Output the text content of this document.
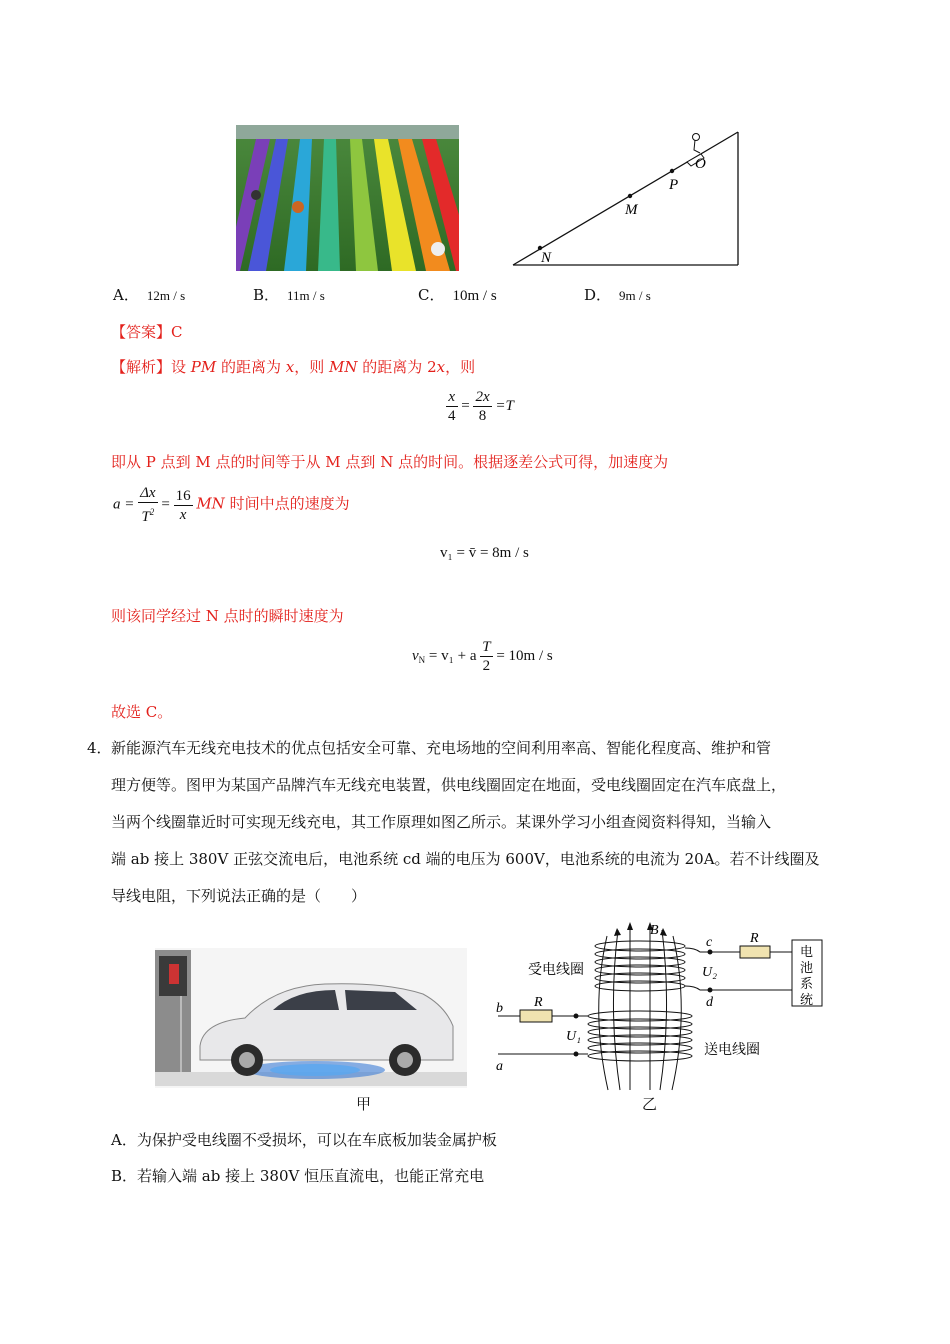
O
P
M
N
A． 12m / s	B． 11m / s	C． 10m / s	D． 9m / s
【答案】C
【解析】设 PM 的距离为 x，则 MN 的距离为 2x，则
$\frac{x}{4} = \frac{2x}{8} =T$
即从 P 点到 M 点的时间等于从 M 点到 N 点的时间。根据逐差公式可得，加速度为
$a = \frac{\Delta x}{T^2} = \frac{16}{x}$ MN 时间中点的速度为
v₁ = v̄ = 8m / s
则该同学经过 N 点时的瞬时速度为
$v_N = v_1 + a \frac{T}{2} = 10m / s$
故选 C。
4． 新能源汽车无线充电技术的优点包括安全可靠、充电场地的空间利用率高、智能化程度高、维护和管
理方便等。图甲为某国产品牌汽车无线充电装置，供电线圈固定在地面，受电线圈固定在汽车底盘上，
当两个线圈靠近时可实现无线充电，其工作原理如图乙所示。某课外学习小组查阅资料得知，当输入
端 ab 接上 380V 正弦交流电后，电池系统 cd 端的电压为 600V，电池系统的电流为 20A。若不计线圈及
导线电阻，下列说法正确的是（　　）
甲
B
c
d
R
U₂
受电线圈
电
池
系
统
b
a
R
U₁
送电线圈
乙
A．为保护受电线圈不受损坏，可以在车底板加装金属护板
B．若输入端 ab 接上 380V 恒压直流电，也能正常充电
